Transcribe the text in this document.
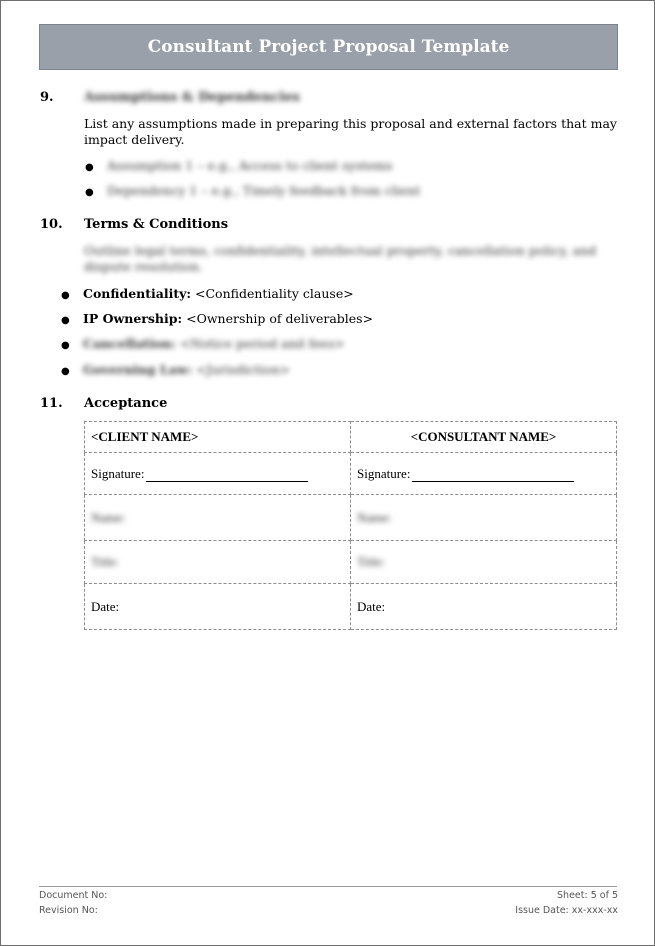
Consultant Project Proposal Template
9. Assumptions & Dependencies
List any assumptions made in preparing this proposal and external factors that may impact delivery.
● Assumption 1 – e.g., Access to client systems
● Dependency 1 – e.g., Timely feedback from client
10. Terms & Conditions
Outline legal terms, confidentiality, intellectual property, cancellation policy, and dispute resolution.
● Confidentiality: <Confidentiality clause>
● IP Ownership: <Ownership of deliverables>
● Cancellation: <Notice period and fees>
● Governing Law: <Jurisdiction>
11. Acceptance
<CLIENT NAME>	<CONSULTANT NAME>
Signature:	Signature:
Name:	Name:
Title:	Title:
Date:	Date:
Document No:
Revision No:
Sheet: 5 of 5
Issue Date: xx-xxx-xx
